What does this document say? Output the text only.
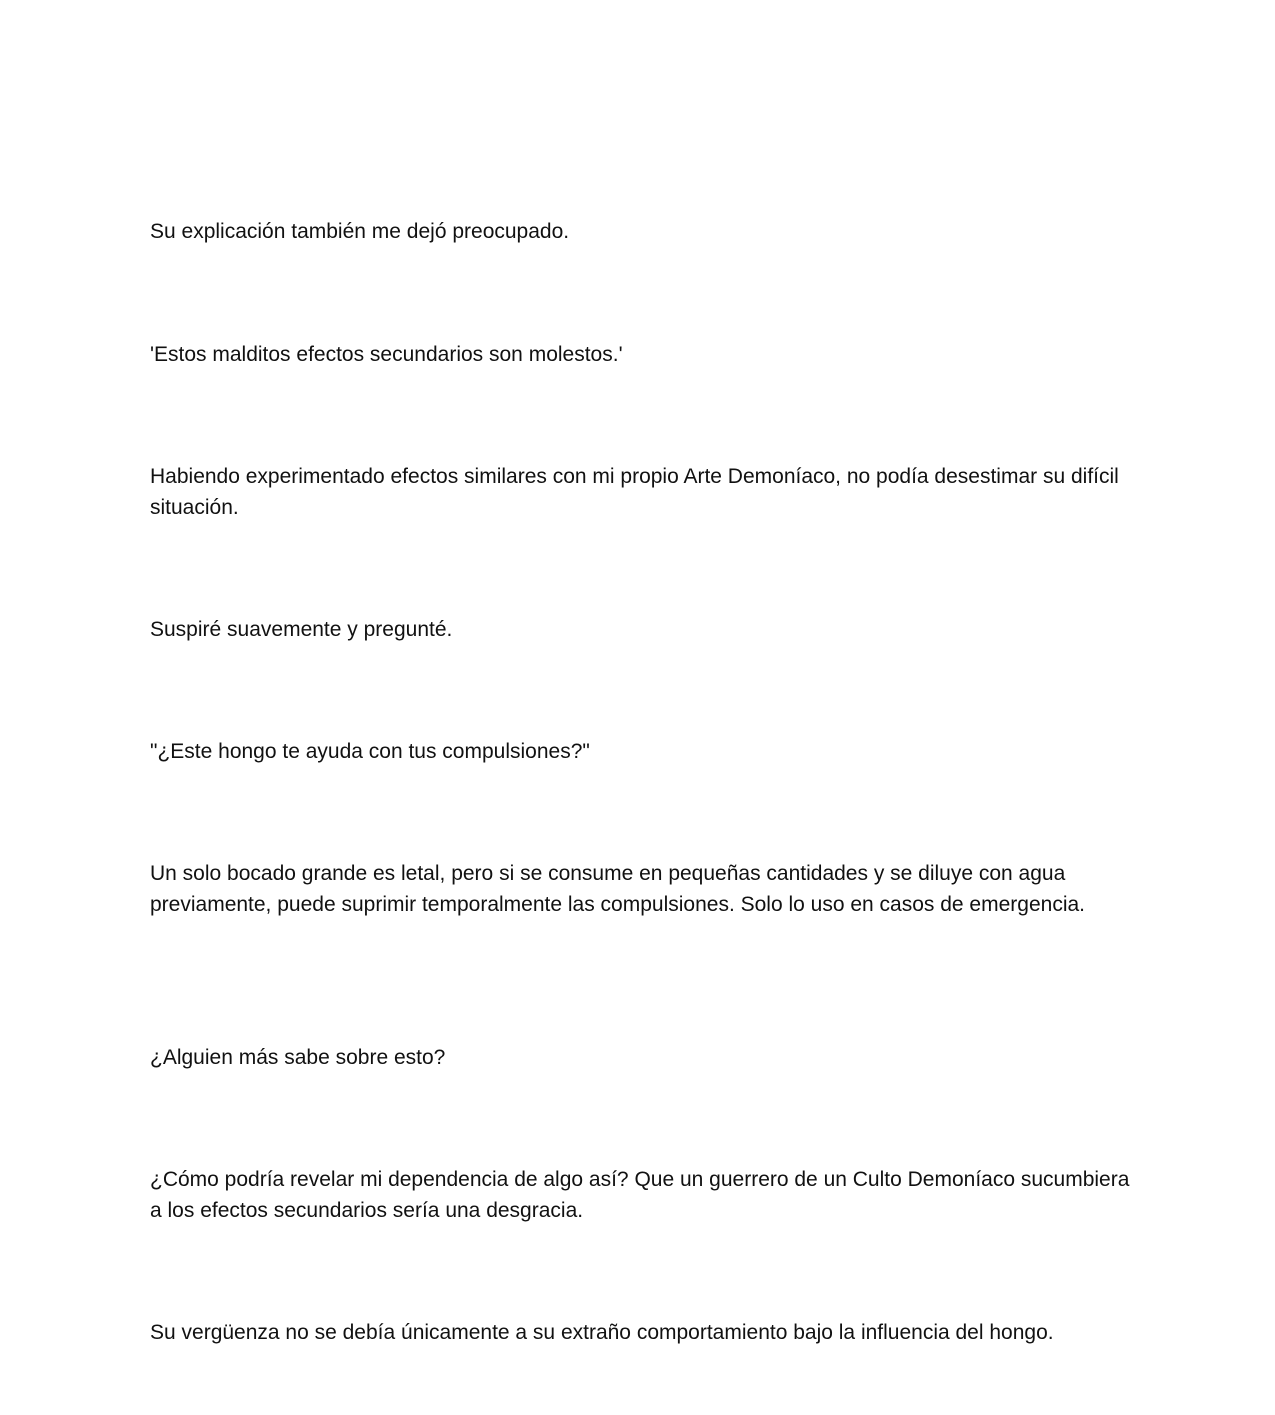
Su explicación también me dejó preocupado.

'Estos malditos efectos secundarios son molestos.'

Habiendo experimentado efectos similares con mi propio Arte Demoníaco, no podía desestimar su difícil situación.

Suspiré suavemente y pregunté.

"¿Este hongo te ayuda con tus compulsiones?"

Un solo bocado grande es letal, pero si se consume en pequeñas cantidades y se diluye con agua previamente, puede suprimir temporalmente las compulsiones. Solo lo uso en casos de emergencia.

¿Alguien más sabe sobre esto?

¿Cómo podría revelar mi dependencia de algo así? Que un guerrero de un Culto Demoníaco sucumbiera a los efectos secundarios sería una desgracia.

Su vergüenza no se debía únicamente a su extraño comportamiento bajo la influencia del hongo.
